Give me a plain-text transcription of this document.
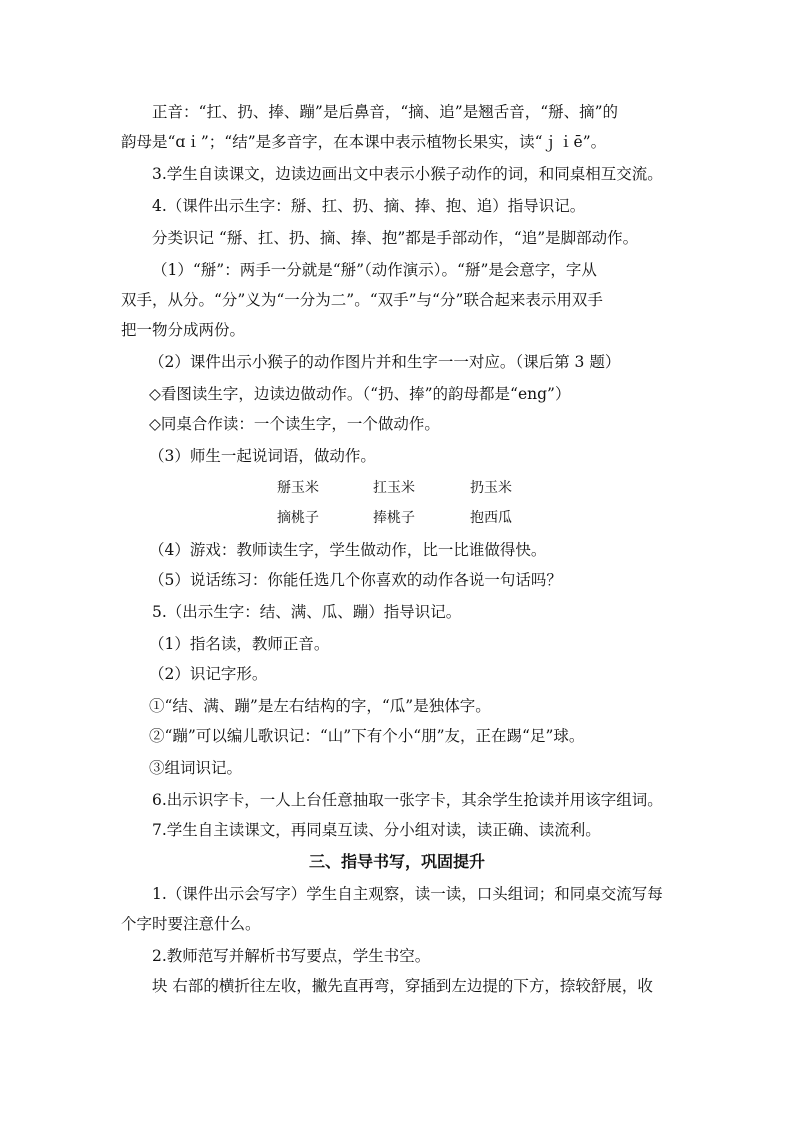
正音：“扛、扔、捧、蹦”是后鼻音，“摘、追”是翘舌音，“掰、摘”的
韵母是“ɑｉ”；“结”是多音字，在本课中表示植物长果实，读“ｊｉē”。
3.学生自读课文，边读边画出文中表示小猴子动作的词，和同桌相互交流。
4.（课件出示生字：掰、扛、扔、摘、捧、抱、追）指导识记。
分类识记 “掰、扛、扔、摘、捧、抱”都是手部动作，“追”是脚部动作。
（1）“掰”：两手一分就是“掰”（动作演示）。“掰”是会意字，字从
双手，从分。“分”义为“一分为二”。“双手”与“分”联合起来表示用双手
把一物分成两份。
（2）课件出示小猴子的动作图片并和生字一一对应。（课后第 3 题）
◇看图读生字，边读边做动作。（“扔、捧”的韵母都是“eng”）
◇同桌合作读：一个读生字，一个做动作。
（3）师生一起说词语，做动作。
掰玉米	扛玉米	扔玉米
摘桃子	捧桃子	抱西瓜
（4）游戏：教师读生字，学生做动作，比一比谁做得快。
（5）说话练习：你能任选几个你喜欢的动作各说一句话吗？
5.（出示生字：结、满、瓜、蹦）指导识记。
（1）指名读，教师正音。
（2）识记字形。
①“结、满、蹦”是左右结构的字，“瓜”是独体字。
②“蹦”可以编儿歌识记：“山”下有个小“朋”友，正在踢“足”球。
③组词识记。
6.出示识字卡，一人上台任意抽取一张字卡，其余学生抢读并用该字组词。
7.学生自主读课文，再同桌互读、分小组对读，读正确、读流利。
三、指导书写，巩固提升
1.（课件出示会写字）学生自主观察，读一读，口头组词；和同桌交流写每
个字时要注意什么。
2.教师范写并解析书写要点，学生书空。
块 右部的横折往左收，撇先直再弯，穿插到左边提的下方，捺较舒展，收
